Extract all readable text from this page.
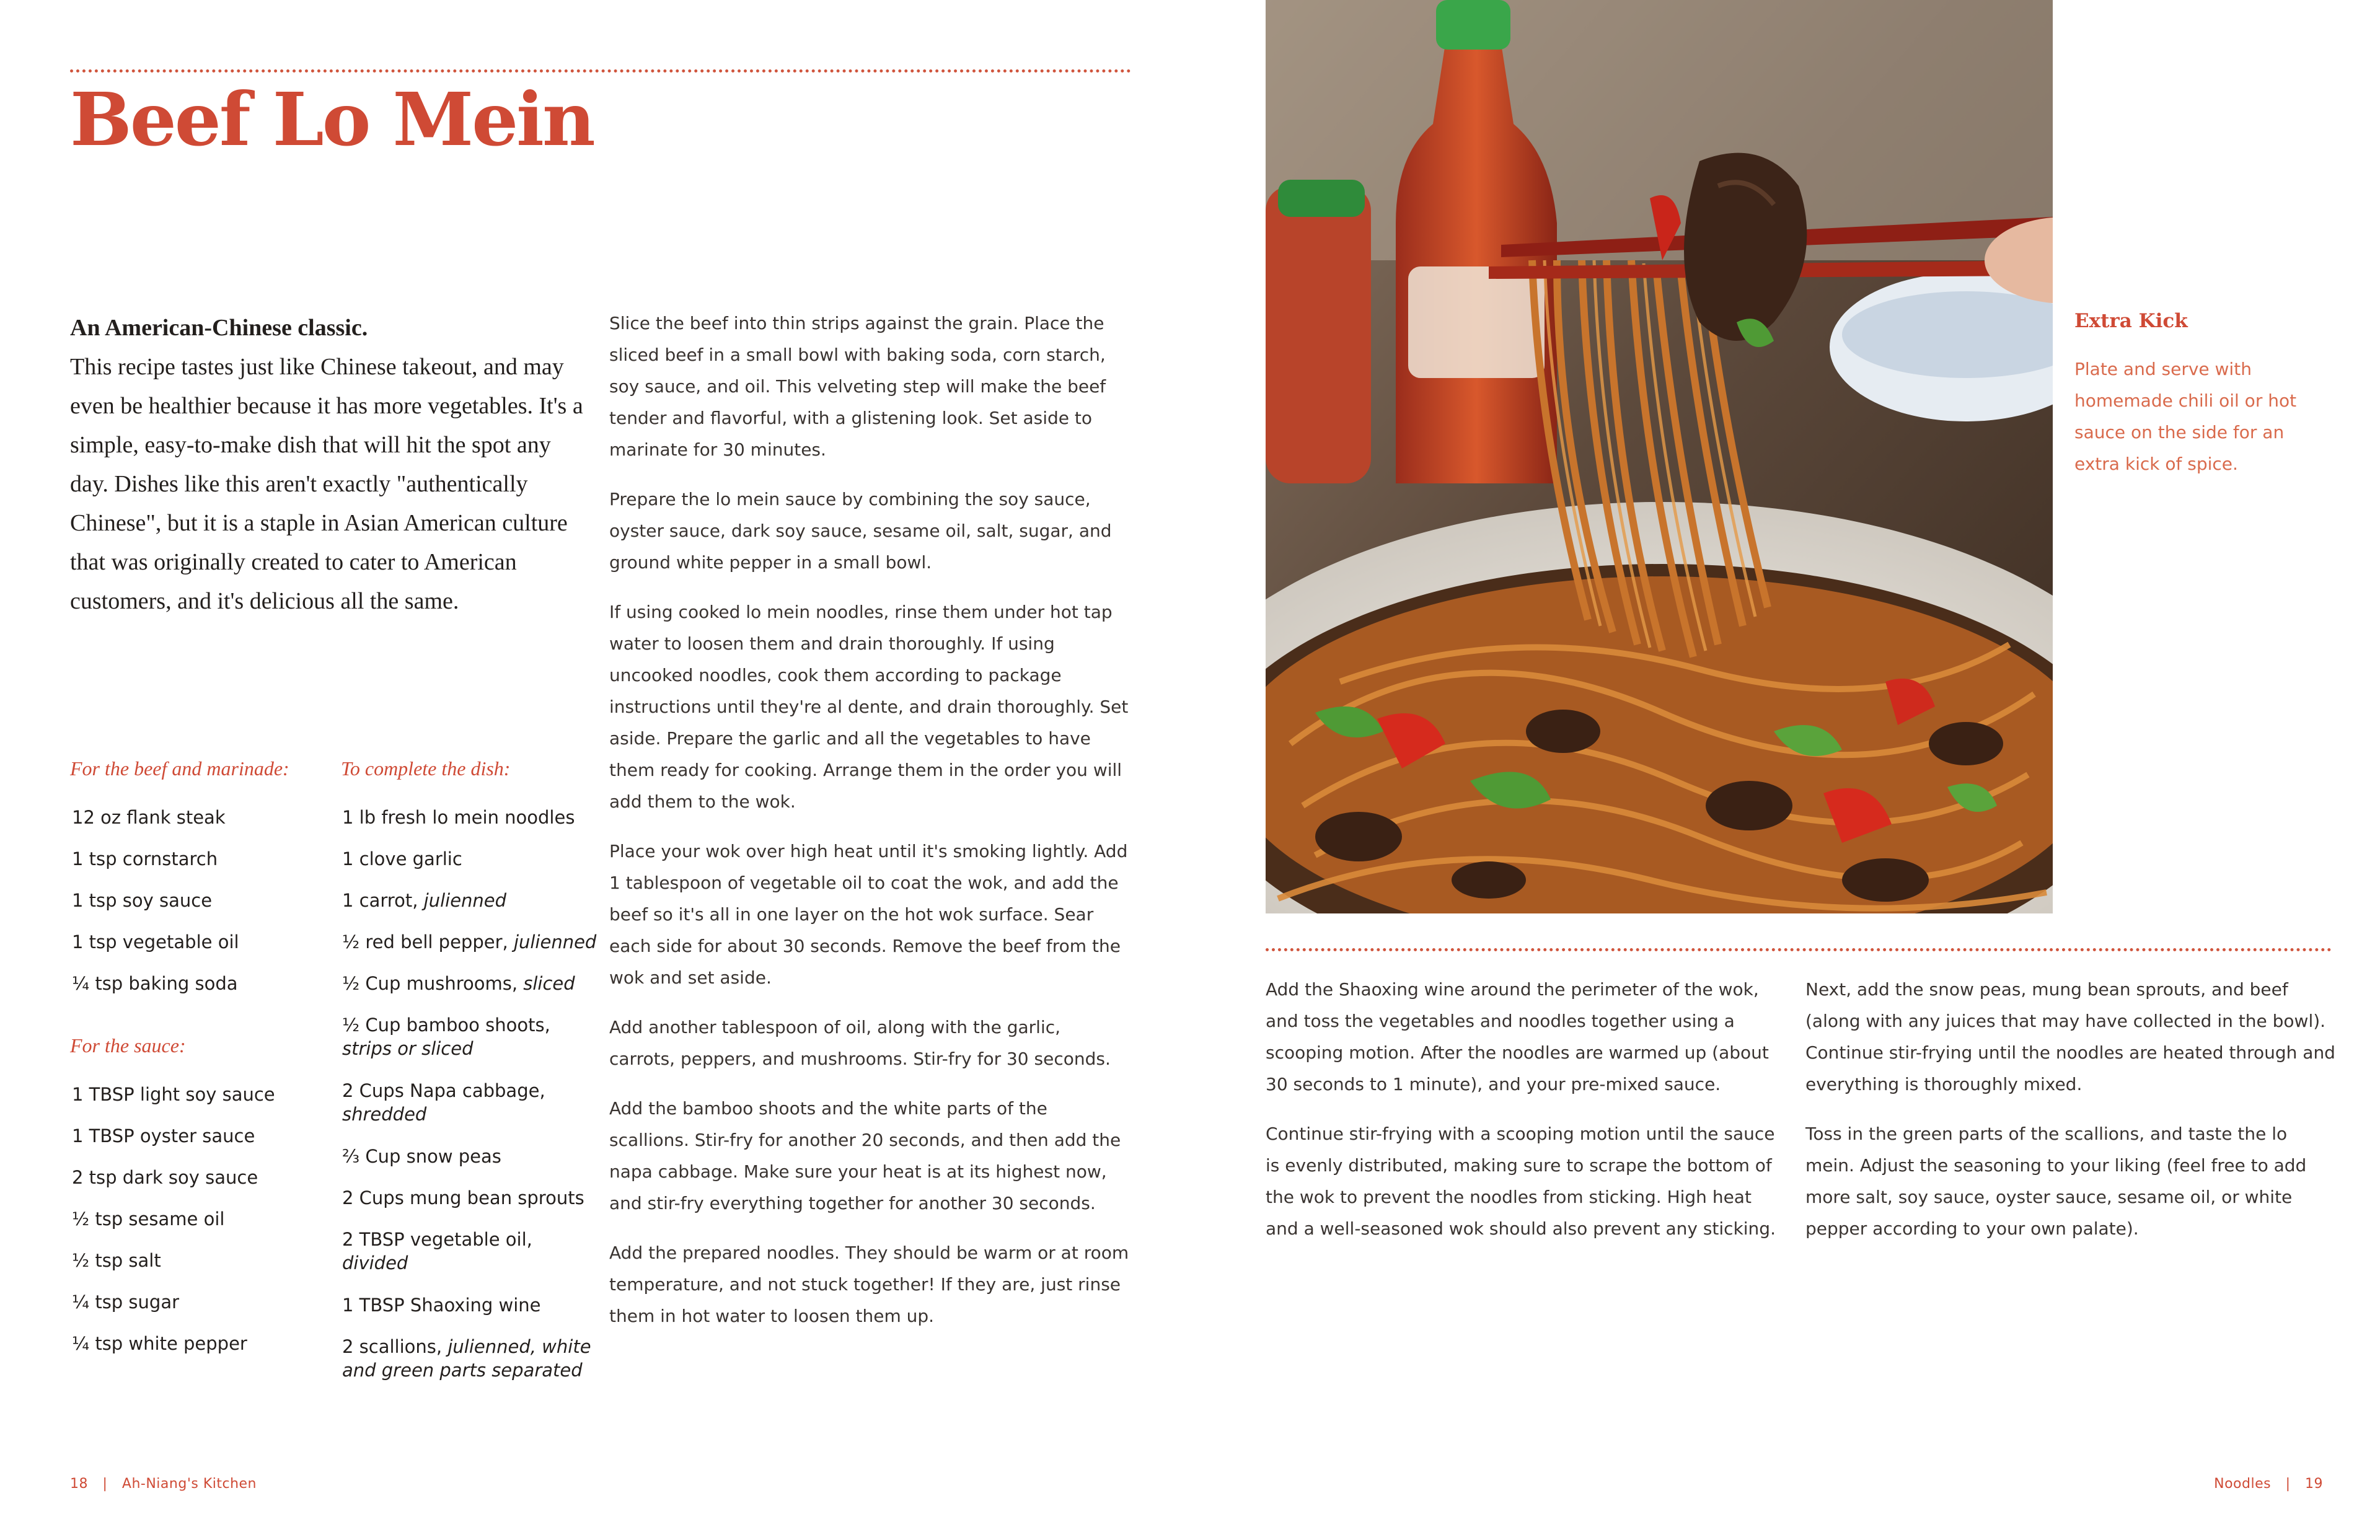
Beef Lo Mein
An American-Chinese classic.
This recipe tastes just like Chinese takeout, and may even be healthier because it has more vegetables. It's a simple, easy-to-make dish that will hit the spot any day. Dishes like this aren't exactly "authentically Chinese", but it is a staple in Asian American culture that was originally created to cater to American customers, and it's delicious all the same.
For the beef and marinade:
12 oz flank steak
1 tsp cornstarch
1 tsp soy sauce
1 tsp vegetable oil
¼ tsp baking soda
For the sauce:
1 TBSP light soy sauce
1 TBSP oyster sauce
2 tsp dark soy sauce
½ tsp sesame oil
½ tsp salt
¼ tsp sugar
¼ tsp white pepper
To complete the dish:
1 lb fresh lo mein noodles
1 clove garlic
1 carrot, julienned
½ red bell pepper, julienned
½ Cup mushrooms, sliced
½ Cup bamboo shoots,
strips or sliced
2 Cups Napa cabbage,
shredded
⅔ Cup snow peas
2 Cups mung bean sprouts
2 TBSP vegetable oil,
divided
1 TBSP Shaoxing wine
2 scallions, julienned, white
and green parts separated

Slice the beef into thin strips against the grain. Place the sliced beef in a small bowl with baking soda, corn starch, soy sauce, and oil. This velveting step will make the beef tender and flavorful, with a glistening look. Set aside to marinate for 30 minutes.

Prepare the lo mein sauce by combining the soy sauce, oyster sauce, dark soy sauce, sesame oil, salt, sugar, and ground white pepper in a small bowl.

If using cooked lo mein noodles, rinse them under hot tap water to loosen them and drain thoroughly. If using uncooked noodles, cook them according to package instructions until they're al dente, and drain thoroughly. Set aside. Prepare the garlic and all the vegetables to have them ready for cooking. Arrange them in the order you will add them to the wok.

Place your wok over high heat until it's smoking lightly. Add 1 tablespoon of vegetable oil to coat the wok, and add the beef so it's all in one layer on the hot wok surface. Sear each side for about 30 seconds. Remove the beef from the wok and set aside.

Add another tablespoon of oil, along with the garlic, carrots, peppers, and mushrooms. Stir-fry for 30 seconds.

Add the bamboo shoots and the white parts of the scallions. Stir-fry for another 20 seconds, and then add the napa cabbage. Make sure your heat is at its highest now, and stir-fry everything together for another 30 seconds.

Add the prepared noodles. They should be warm or at room temperature, and not stuck together! If they are, just rinse them in hot water to loosen them up.

Extra Kick
Plate and serve with homemade chili oil or hot sauce on the side for an extra kick of spice.

Add the Shaoxing wine around the perimeter of the wok, and toss the vegetables and noodles together using a scooping motion. After the noodles are warmed up (about 30 seconds to 1 minute), and your pre-mixed sauce.

Continue stir-frying with a scooping motion until the sauce is evenly distributed, making sure to scrape the bottom of the wok to prevent the noodles from sticking. High heat and a well-seasoned wok should also prevent any sticking.

Next, add the snow peas, mung bean sprouts, and beef (along with any juices that may have collected in the bowl). Continue stir-frying until the noodles are heated through and everything is thoroughly mixed.

Toss in the green parts of the scallions, and taste the lo mein. Adjust the seasoning to your liking (feel free to add more salt, soy sauce, oyster sauce, sesame oil, or white pepper according to your own palate).

18 | Ah-Niang's Kitchen	Noodles | 19
